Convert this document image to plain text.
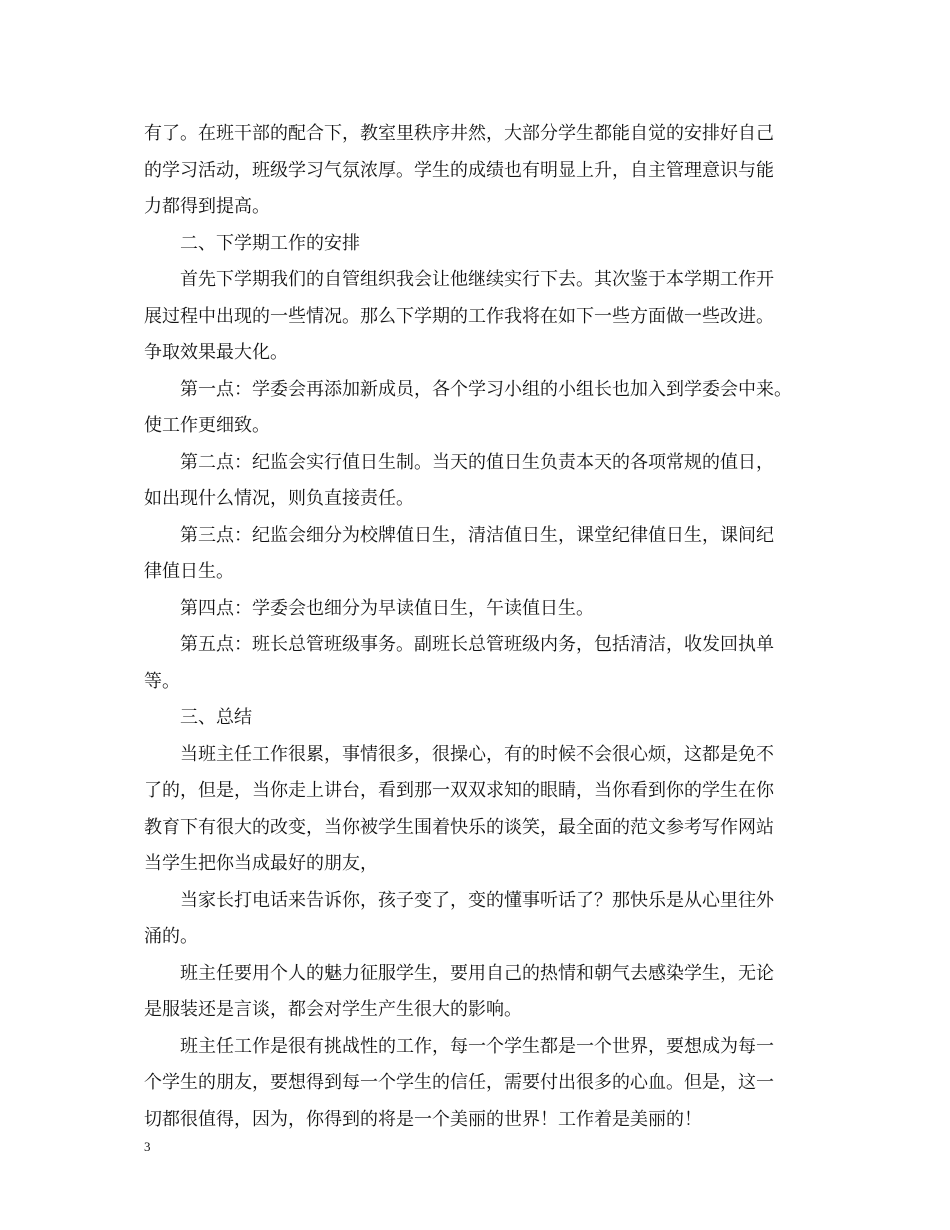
有了。在班干部的配合下，教室里秩序井然，大部分学生都能自觉的安排好自己
的学习活动，班级学习气氛浓厚。学生的成绩也有明显上升，自主管理意识与能
力都得到提高。
二、下学期工作的安排
首先下学期我们的自管组织我会让他继续实行下去。其次鉴于本学期工作开
展过程中出现的一些情况。那么下学期的工作我将在如下一些方面做一些改进。
争取效果最大化。
第一点：学委会再添加新成员，各个学习小组的小组长也加入到学委会中来。
使工作更细致。
第二点：纪监会实行值日生制。当天的值日生负责本天的各项常规的值日，
如出现什么情况，则负直接责任。
第三点：纪监会细分为校牌值日生，清洁值日生，课堂纪律值日生，课间纪
律值日生。
第四点：学委会也细分为早读值日生，午读值日生。
第五点：班长总管班级事务。副班长总管班级内务，包括清洁，收发回执单
等。
三、总结
当班主任工作很累，事情很多，很操心，有的时候不会很心烦，这都是免不
了的，但是，当你走上讲台，看到那一双双求知的眼睛，当你看到你的学生在你
教育下有很大的改变，当你被学生围着快乐的谈笑，最全面的范文参考写作网站
当学生把你当成最好的朋友，
当家长打电话来告诉你，孩子变了，变的懂事听话了？那快乐是从心里往外
涌的。
班主任要用个人的魅力征服学生，要用自己的热情和朝气去感染学生，无论
是服装还是言谈，都会对学生产生很大的影响。
班主任工作是很有挑战性的工作，每一个学生都是一个世界，要想成为每一
个学生的朋友，要想得到每一个学生的信任，需要付出很多的心血。但是，这一
切都很值得，因为，你得到的将是一个美丽的世界！工作着是美丽的！
3
